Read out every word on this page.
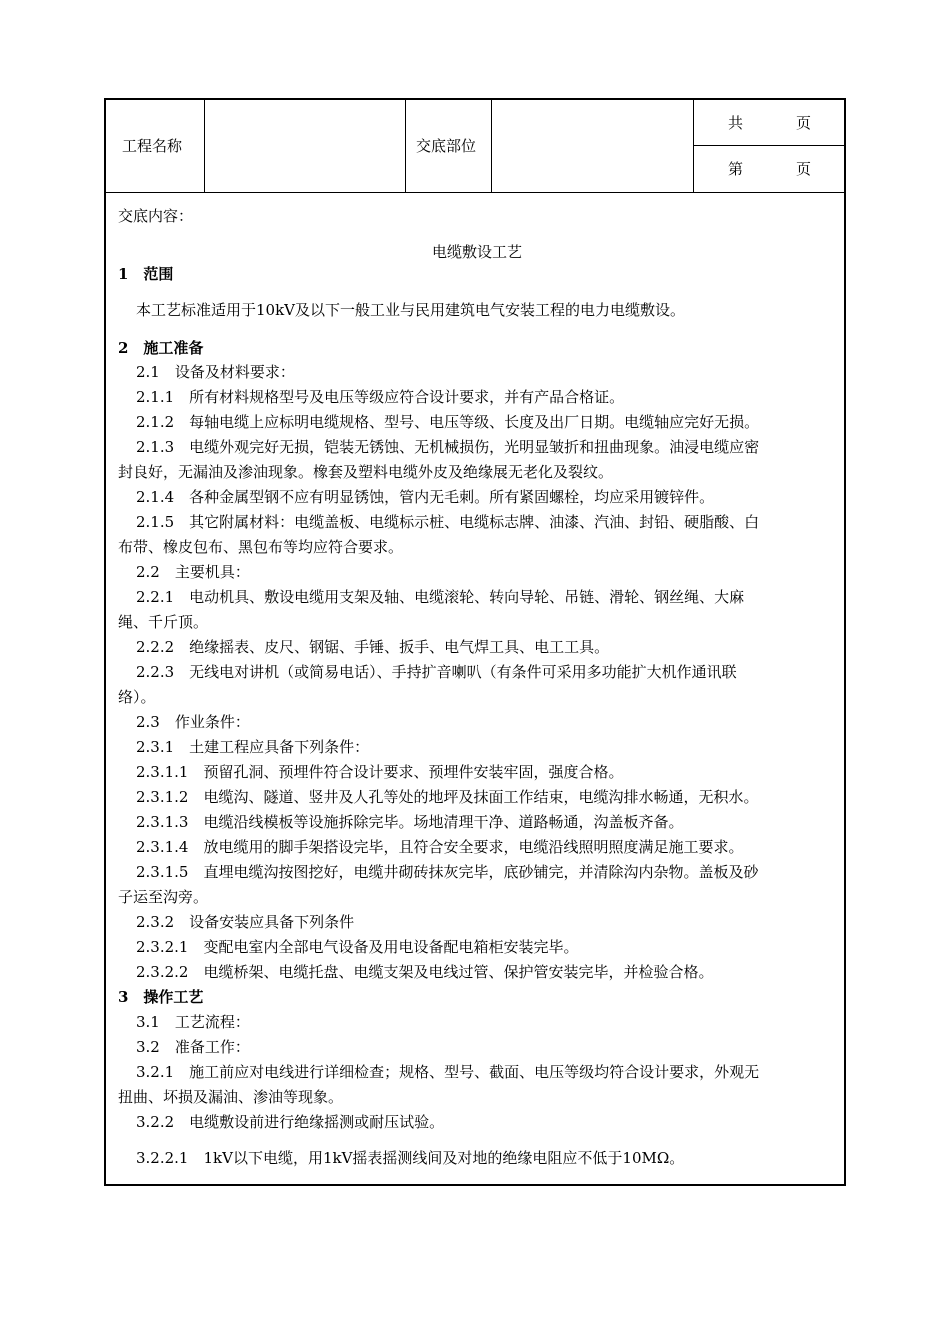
工程名称	交底部位
共	页
第	页
交底内容：
电缆敷设工艺
1　范围
本工艺标准适用于10kV及以下一般工业与民用建筑电气安装工程的电力电缆敷设。
2　施工准备
2.1　设备及材料要求：
2.1.1　所有材料规格型号及电压等级应符合设计要求，并有产品合格证。
2.1.2　每轴电缆上应标明电缆规格、型号、电压等级、长度及出厂日期。电缆轴应完好无损。
2.1.3　电缆外观完好无损，铠装无锈蚀、无机械损伤，光明显皱折和扭曲现象。油浸电缆应密
封良好，无漏油及渗油现象。橡套及塑料电缆外皮及绝缘展无老化及裂纹。
2.1.4　各种金属型钢不应有明显锈蚀，管内无毛刺。所有紧固螺栓，均应采用镀锌件。
2.1.5　其它附属材料：电缆盖板、电缆标示桩、电缆标志牌、油漆、汽油、封铅、硬脂酸、白
布带、橡皮包布、黑包布等均应符合要求。
2.2　主要机具：
2.2.1　电动机具、敷设电缆用支架及轴、电缆滚轮、转向导轮、吊链、滑轮、钢丝绳、大麻
绳、千斤顶。
2.2.2　绝缘摇表、皮尺、钢锯、手锤、扳手、电气焊工具、电工工具。
2.2.3　无线电对讲机（或简易电话）、手持扩音喇叭（有条件可采用多功能扩大机作通讯联
络）。
2.3　作业条件：
2.3.1　土建工程应具备下列条件：
2.3.1.1　预留孔洞、预埋件符合设计要求、预埋件安装牢固，强度合格。
2.3.1.2　电缆沟、隧道、竖井及人孔等处的地坪及抹面工作结束，电缆沟排水畅通，无积水。
2.3.1.3　电缆沿线模板等设施拆除完毕。场地清理干净、道路畅通，沟盖板齐备。
2.3.1.4　放电缆用的脚手架搭设完毕，且符合安全要求，电缆沿线照明照度满足施工要求。
2.3.1.5　直埋电缆沟按图挖好，电缆井砌砖抹灰完毕，底砂铺完，并清除沟内杂物。盖板及砂
子运至沟旁。
2.3.2　设备安装应具备下列条件
2.3.2.1　变配电室内全部电气设备及用电设备配电箱柜安装完毕。
2.3.2.2　电缆桥架、电缆托盘、电缆支架及电线过管、保护管安装完毕，并检验合格。
3　操作工艺
3.1　工艺流程：
3.2　准备工作：
3.2.1　施工前应对电线进行详细检查；规格、型号、截面、电压等级均符合设计要求，外观无
扭曲、坏损及漏油、渗油等现象。
3.2.2　电缆敷设前进行绝缘摇测或耐压试验。
3.2.2.1　1kV以下电缆，用1kV摇表摇测线间及对地的绝缘电阻应不低于10MΩ。
